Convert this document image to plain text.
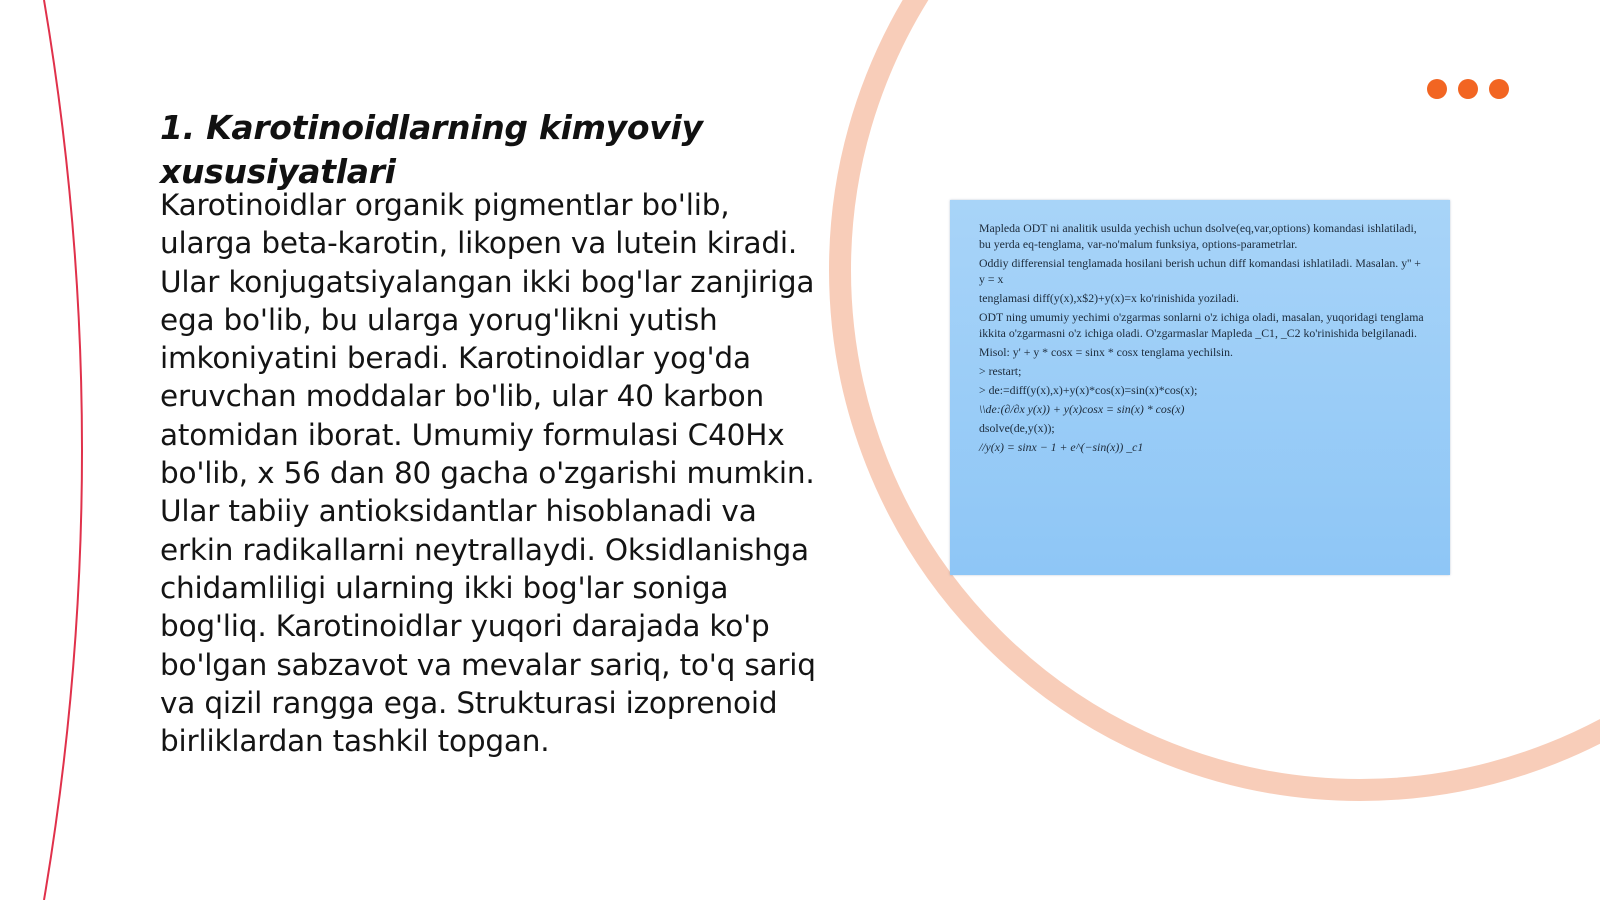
1. Karotinoidlarning kimyoviy xususiyatlari
Karotinoidlar organik pigmentlar bo'lib,
ularga beta-karotin, likopen va lutein kiradi.
Ular konjugatsiyalangan ikki bog'lar zanjiriga
ega bo'lib, bu ularga yorug'likni yutish
imkoniyatini beradi. Karotinoidlar yog'da
eruvchan moddalar bo'lib, ular 40 karbon
atomidan iborat. Umumiy formulasi C40Hx
bo'lib, x 56 dan 80 gacha o'zgarishi mumkin.
Ular tabiiy antioksidantlar hisoblanadi va
erkin radikallarni neytrallaydi. Oksidlanishga
chidamliligi ularning ikki bog'lar soniga
bog'liq. Karotinoidlar yuqori darajada ko'p
bo'lgan sabzavot va mevalar sariq, to'q sariq
va qizil rangga ega. Strukturasi izoprenoid
birliklardan tashkil topgan.

Mapleda ODT ni analitik usulda yechish uchun dsolve(eq,var,options) komandasi ishlatiladi, bu yerda eq-tenglama, var-no'malum funksiya, options-parametrlar.

Oddiy differensial tenglamada hosilani berish uchun diff komandasi ishlatiladi. Masalan. y'' + y = x

tenglamasi diff(y(x),x$2)+y(x)=x ko'rinishida yoziladi.

ODT ning umumiy yechimi o'zgarmas sonlarni o'z ichiga oladi, masalan, yuqoridagi tenglama ikkita o'zgarmasni o'z ichiga oladi. O'zgarmaslar Mapleda _C1, _C2 ko'rinishida belgilanadi.

Misol: y' + y * cosx = sinx * cosx tenglama yechilsin.

> restart;

> de:=diff(y(x),x)+y(x)*cos(x)=sin(x)*cos(x);

\\de:(∂/∂x y(x)) + y(x)cosx = sin(x) * cos(x)

dsolve(de,y(x));

//y(x) = sinx − 1 + e^(−sin(x)) _c1
